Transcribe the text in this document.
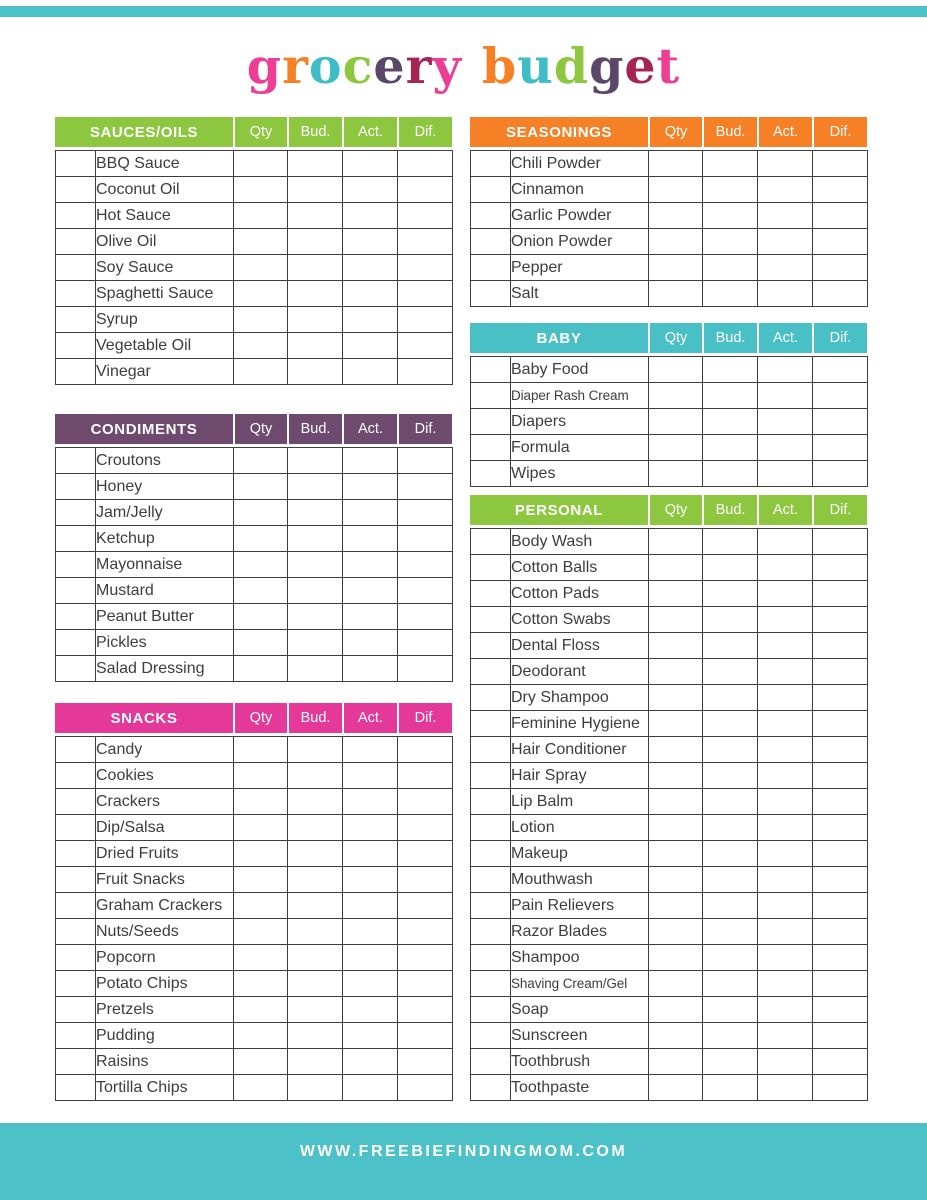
grocery budget
SAUCES/OILS	Qty	Bud.	Act.	Dif.
	BBQ Sauce				
	Coconut Oil				
	Hot Sauce				
	Olive Oil				
	Soy Sauce				
	Spaghetti Sauce				
	Syrup				
	Vegetable Oil				
	Vinegar				
CONDIMENTS	Qty	Bud.	Act.	Dif.
	Croutons				
	Honey				
	Jam/Jelly				
	Ketchup				
	Mayonnaise				
	Mustard				
	Peanut Butter				
	Pickles				
	Salad Dressing				
SNACKS	Qty	Bud.	Act.	Dif.
	Candy				
	Cookies				
	Crackers				
	Dip/Salsa				
	Dried Fruits				
	Fruit Snacks				
	Graham Crackers				
	Nuts/Seeds				
	Popcorn				
	Potato Chips				
	Pretzels				
	Pudding				
	Raisins				
	Tortilla Chips				
SEASONINGS	Qty	Bud.	Act.	Dif.
	Chili Powder				
	Cinnamon				
	Garlic Powder				
	Onion Powder				
	Pepper				
	Salt				
BABY	Qty	Bud.	Act.	Dif.
	Baby Food				
	Diaper Rash Cream				
	Diapers				
	Formula				
	Wipes				
PERSONAL	Qty	Bud.	Act.	Dif.
	Body Wash				
	Cotton Balls				
	Cotton Pads				
	Cotton Swabs				
	Dental Floss				
	Deodorant				
	Dry Shampoo				
	Feminine Hygiene				
	Hair Conditioner				
	Hair Spray				
	Lip Balm				
	Lotion				
	Makeup				
	Mouthwash				
	Pain Relievers				
	Razor Blades				
	Shampoo				
	Shaving Cream/Gel				
	Soap				
	Sunscreen				
	Toothbrush				
	Toothpaste				
WWW.FREEBIEFINDINGMOM.COM
